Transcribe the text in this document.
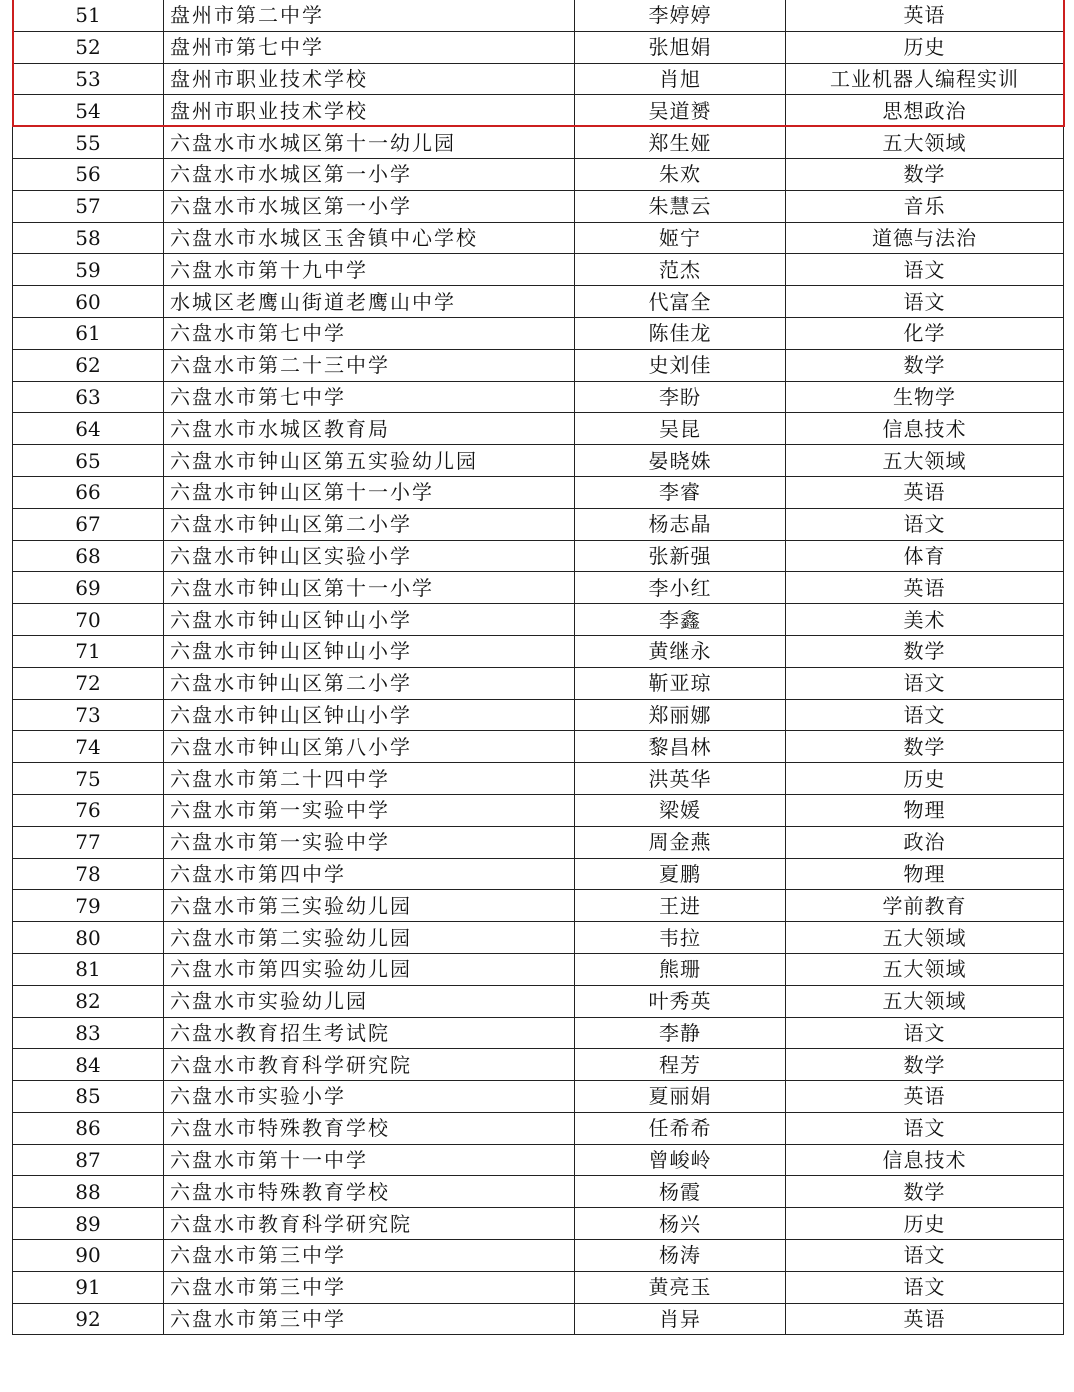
51	盘州市第二中学	李婷婷	英语
52	盘州市第七中学	张旭娟	历史
53	盘州市职业技术学校	肖旭	工业机器人编程实训
54	盘州市职业技术学校	吴道赟	思想政治
55	六盘水市水城区第十一幼儿园	郑生娅	五大领域
56	六盘水市水城区第一小学	朱欢	数学
57	六盘水市水城区第一小学	朱慧云	音乐
58	六盘水市水城区玉舍镇中心学校	姬宁	道德与法治
59	六盘水市第十九中学	范杰	语文
60	水城区老鹰山街道老鹰山中学	代富全	语文
61	六盘水市第七中学	陈佳龙	化学
62	六盘水市第二十三中学	史刘佳	数学
63	六盘水市第七中学	李盼	生物学
64	六盘水市水城区教育局	吴昆	信息技术
65	六盘水市钟山区第五实验幼儿园	晏晓姝	五大领域
66	六盘水市钟山区第十一小学	李睿	英语
67	六盘水市钟山区第二小学	杨志晶	语文
68	六盘水市钟山区实验小学	张新强	体育
69	六盘水市钟山区第十一小学	李小红	英语
70	六盘水市钟山区钟山小学	李鑫	美术
71	六盘水市钟山区钟山小学	黄继永	数学
72	六盘水市钟山区第二小学	靳亚琼	语文
73	六盘水市钟山区钟山小学	郑丽娜	语文
74	六盘水市钟山区第八小学	黎昌林	数学
75	六盘水市第二十四中学	洪英华	历史
76	六盘水市第一实验中学	梁媛	物理
77	六盘水市第一实验中学	周金燕	政治
78	六盘水市第四中学	夏鹏	物理
79	六盘水市第三实验幼儿园	王进	学前教育
80	六盘水市第二实验幼儿园	韦拉	五大领域
81	六盘水市第四实验幼儿园	熊珊	五大领域
82	六盘水市实验幼儿园	叶秀英	五大领域
83	六盘水教育招生考试院	李静	语文
84	六盘水市教育科学研究院	程芳	数学
85	六盘水市实验小学	夏丽娟	英语
86	六盘水市特殊教育学校	任希希	语文
87	六盘水市第十一中学	曾峻岭	信息技术
88	六盘水市特殊教育学校	杨霞	数学
89	六盘水市教育科学研究院	杨兴	历史
90	六盘水市第三中学	杨涛	语文
91	六盘水市第三中学	黄亮玉	语文
92	六盘水市第三中学	肖异	英语
